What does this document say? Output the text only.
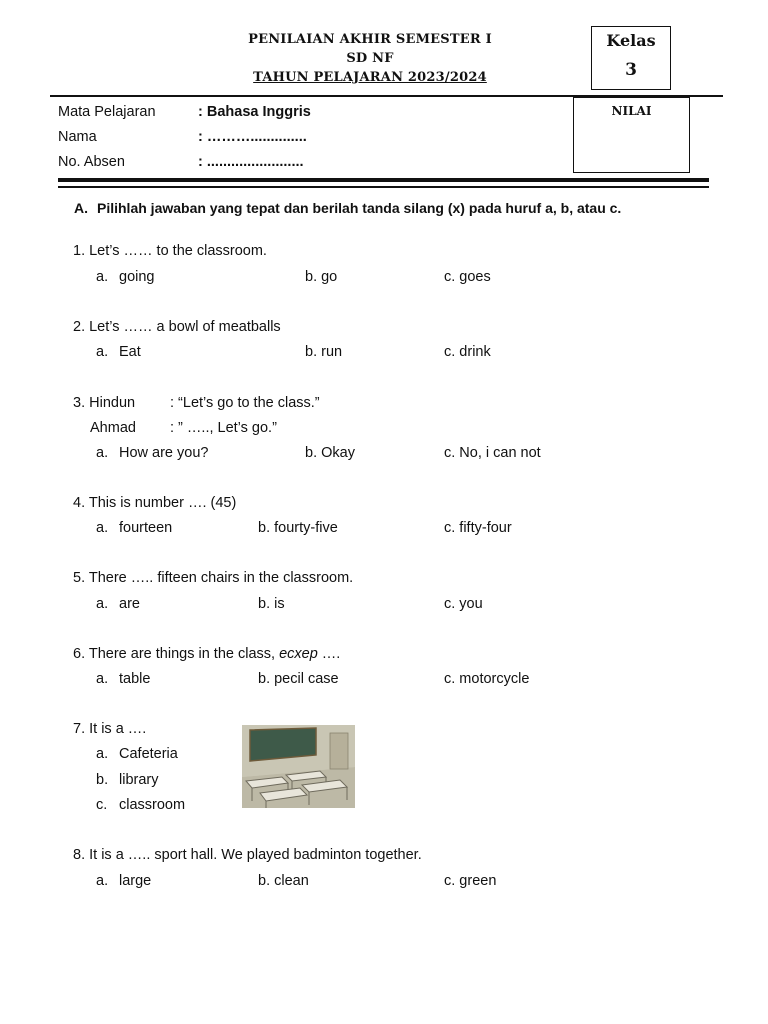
PENILAIAN AKHIR SEMESTER I
SD NF
TAHUN PELAJARAN 2023/2024
Kelas
3
NILAI
Mata Pelajaran	: Bahasa Inggris
Nama	: ………..............
No. Absen	: ........................
A. Pilihlah jawaban yang tepat dan berilah tanda silang (x) pada huruf a, b, atau c.
1. Let’s …… to the classroom.
a. going	b. go	c. goes
2. Let’s …… a bowl of meatballs
a. Eat	b. run	c. drink
3. Hindun : “Let’s go to the class.”
Ahmad : ” ….., Let’s go.”
a. How are you?	b. Okay	c. No, i can not
4. This is number …. (45)
a. fourteen	b. fourty-five	c. fifty-four
5. There ….. fifteen chairs in the classroom.
a. are	b. is	c. you
6. There are things in the class, ecxep ….
a. table	b. pecil case	c. motorcycle
7. It is a ….
a. Cafeteria
b. library
c. classroom
8. It is a ….. sport hall. We played badminton together.
a. large	b. clean	c. green
